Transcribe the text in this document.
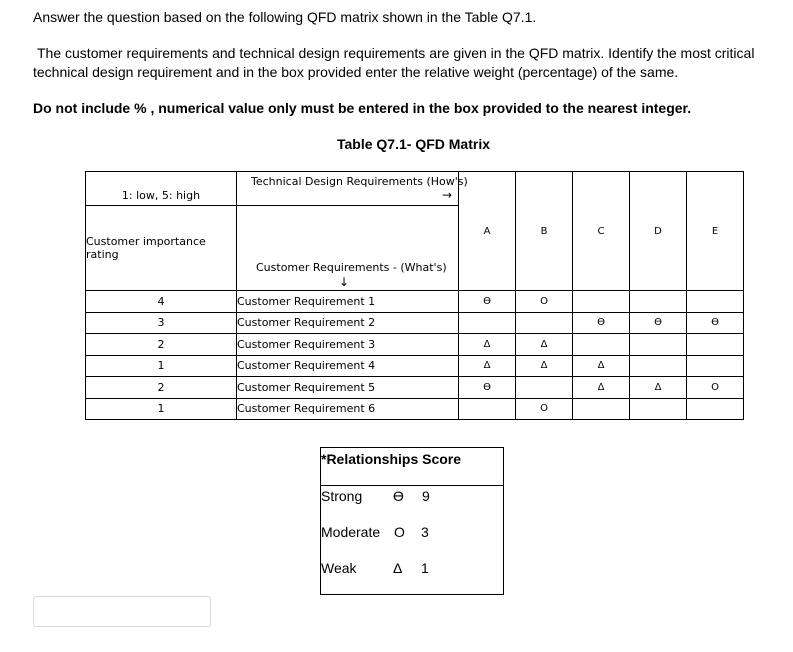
Answer the question based on the following QFD matrix shown in the Table Q7.1.
The customer requirements and technical design requirements are given in the QFD matrix. Identify the most critical
technical design requirement and in the box provided enter the relative weight (percentage) of the same.
Do not include % , numerical value only must be entered in the box provided to the nearest integer.
Table Q7.1- QFD Matrix
1: low, 5: high	Technical Design Requirements (How's)
→	A	B	C	D	E
Customer importance rating	Customer Requirements - (What's)
↓					

4	Customer Requirement 1	ϴ	O			
3	Customer Requirement 2			ϴ	ϴ	ϴ
2	Customer Requirement 3	Δ	Δ			
1	Customer Requirement 4	Δ	Δ	Δ		
2	Customer Requirement 5	ϴ		Δ	Δ	O
1	Customer Requirement 6		O			
*Relationships Score
Strong ϴ 9
Moderate O 3
Weak	Δ 1
